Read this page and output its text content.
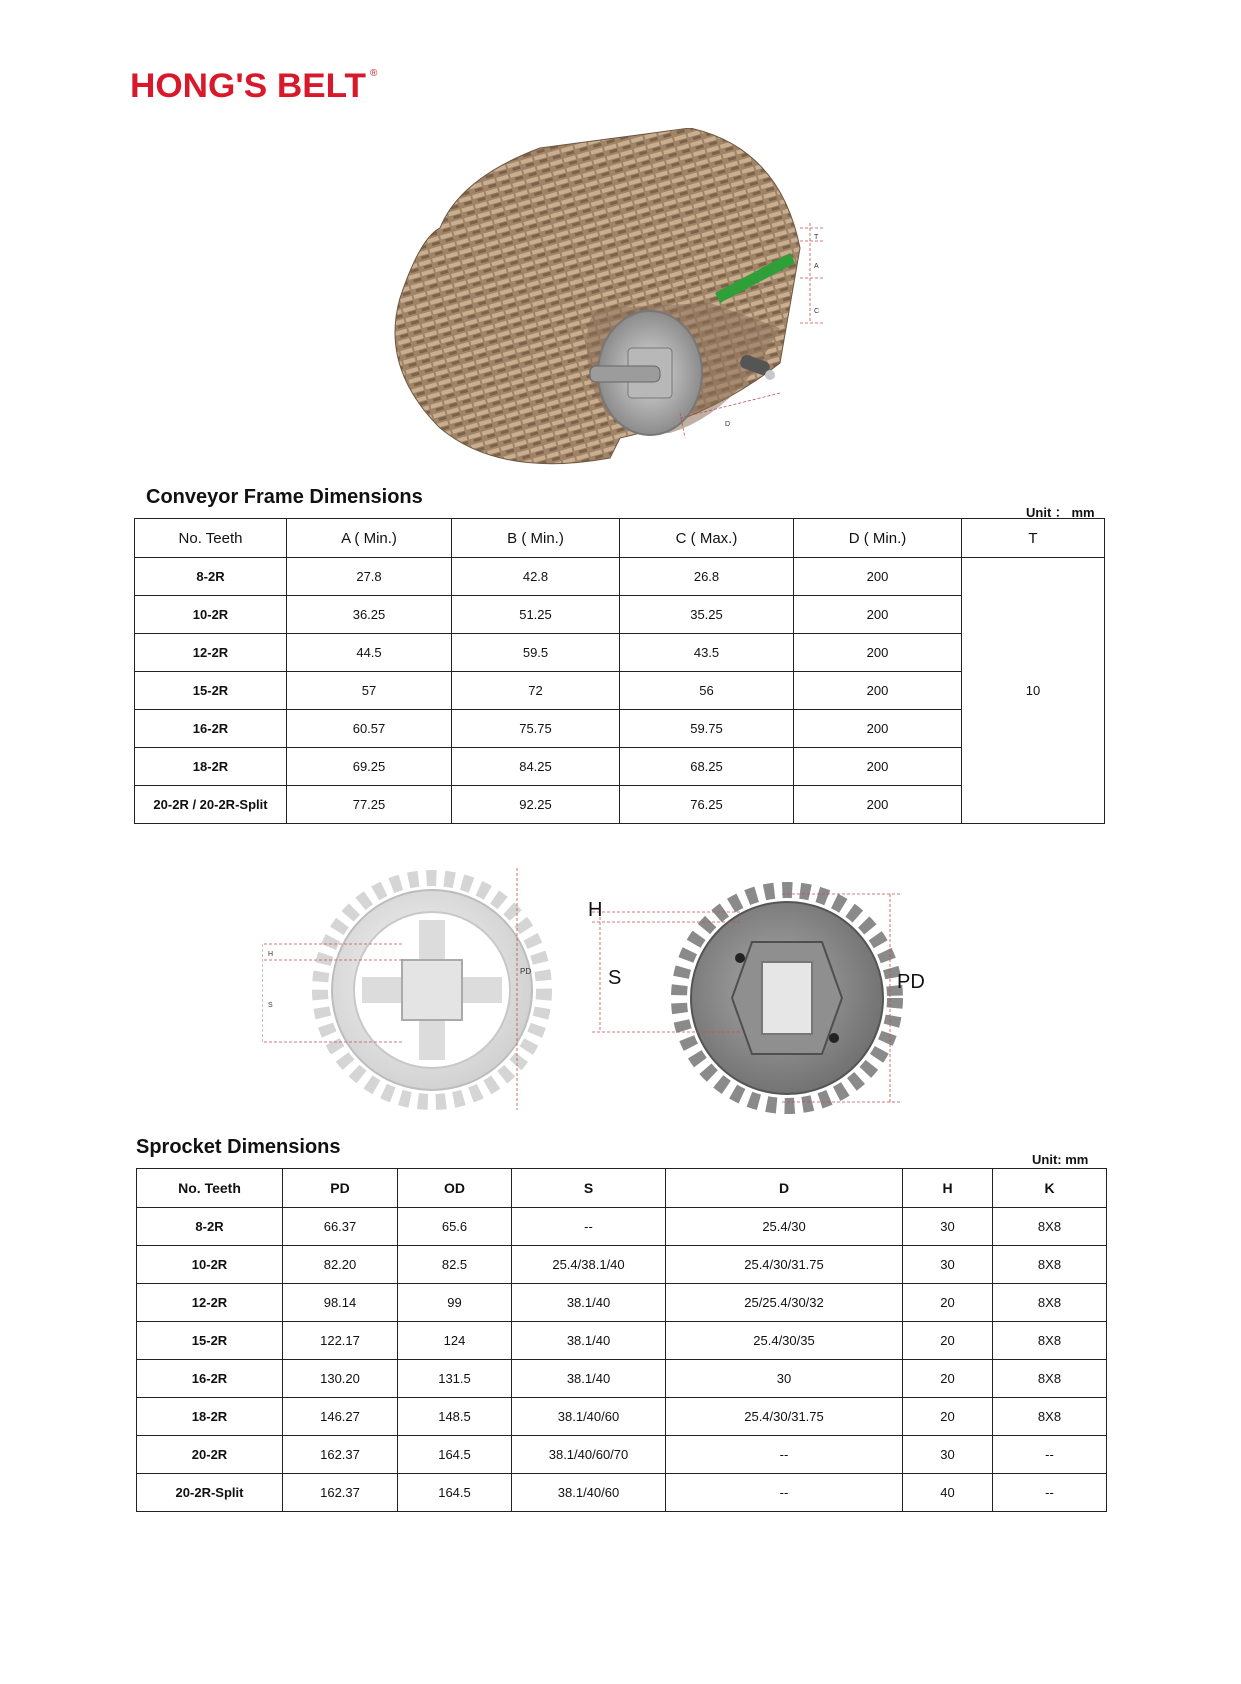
HONG'S BELT ®
T
A
C
D
Conveyor Frame Dimensions
Unit ： mm
No. Teeth	A ( Min.)	B ( Min.)	C ( Max.)	D ( Min.)	T
8-2R	27.8	42.8	26.8	200	10
10-2R	36.25	51.25	35.25	200	
12-2R	44.5	59.5	43.5	200	
15-2R	57	72	56	200	
16-2R	60.57	75.75	59.75	200	
18-2R	69.25	84.25	68.25	200	
20-2R / 20-2R-Split	77.25	92.25	76.25	200	
H
S
PD
H
S	PD
Sprocket Dimensions
Unit: mm
No. Teeth	PD	OD	S	D	H	K
8-2R	66.37	65.6	--	25.4/30	30	8X8
10-2R	82.20	82.5	25.4/38.1/40	25.4/30/31.75	30	8X8
12-2R	98.14	99	38.1/40	25/25.4/30/32	20	8X8
15-2R	122.17	124	38.1/40	25.4/30/35	20	8X8
16-2R	130.20	131.5	38.1/40	30	20	8X8
18-2R	146.27	148.5	38.1/40/60	25.4/30/31.75	20	8X8
20-2R	162.37	164.5	38.1/40/60/70	--	30	--
20-2R-Split	162.37	164.5	38.1/40/60	--	40	--
